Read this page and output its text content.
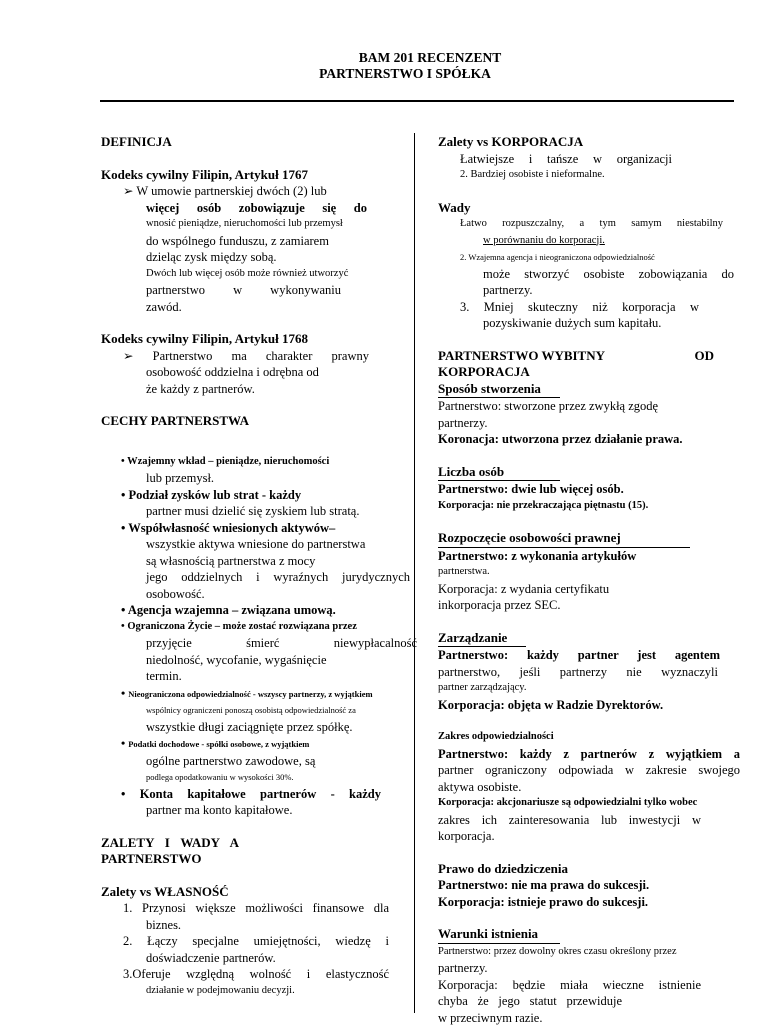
BAM 201 RECENZENT
PARTNERSTWO I SPÓŁKA
DEFINICJA
Kodeks cywilny Filipin, Artykuł 1767
➢ W umowie partnerskiej dwóch (2) lub
więcej osób zobowiązuje się do
wnosić pieniądze, nieruchomości lub przemysł
do wspólnego funduszu, z zamiarem
dzieląc zysk między sobą.
Dwóch lub więcej osób może również utworzyć
partnerstwo w wykonywaniu
zawód.
Kodeks cywilny Filipin, Artykuł 1768
➢ Partnerstwo ma charakter prawny
osobowość oddzielna i odrębna od
że każdy z partnerów.
CECHY PARTNERSTWA
• Wzajemny wkład – pieniądze, nieruchomości
lub przemysł.
• Podział zysków lub strat - każdy
partner musi dzielić się zyskiem lub stratą.
• Współwłasność wniesionych aktywów–
wszystkie aktywa wniesione do partnerstwa
są własnością partnerstwa z mocy
jego oddzielnych i wyraźnych jurydycznych
osobowość.
• Agencja wzajemna – związana umową.
• Ograniczona Życie – może zostać rozwiązana przez
przyjęcie śmierć niewypłacalność
niedolność, wycofanie, wygaśnięcie
termin.
• Nieograniczona odpowiedzialność - wszyscy partnerzy, z wyjątkiem
wspólnicy ograniczeni ponoszą osobistą odpowiedzialność za
wszystkie długi zaciągnięte przez spółkę.
• Podatki dochodowe - spółki osobowe, z wyjątkiem
ogólne partnerstwo zawodowe, są
podlega opodatkowaniu w wysokości 30%.
• Konta kapitałowe partnerów - każdy
partner ma konto kapitałowe.
ZALETY I WADY A
PARTNERSTWO
Zalety vs WŁASNOŚĆ
1. Przynosi większe możliwości finansowe dla
biznes.
2. Łączy specjalne umiejętności, wiedzę i
doświadczenie partnerów.
3.Oferuje względną wolność i elastyczność
działanie w podejmowaniu decyzji.
Zalety vs KORPORACJA
Łatwiejsze i tańsze w organizacji
2. Bardziej osobiste i nieformalne.
Wady
Łatwo rozpuszczalny, a tym samym niestabilny
w porównaniu do korporacji.
2. Wzajemna agencja i nieograniczona odpowiedzialność
może stworzyć osobiste zobowiązania do
partnerzy.
3. Mniej skuteczny niż korporacja w
pozyskiwanie dużych sum kapitału.
PARTNERSTWO WYBITNY	OD
KORPORACJA
Sposób stworzenia
Partnerstwo: stworzone przez zwykłą zgodę
partnerzy.
Koronacja: utworzona przez działanie prawa.
Liczba osób
Partnerstwo: dwie lub więcej osób.
Korporacja: nie przekraczająca piętnastu (15).
Rozpoczęcie osobowości prawnej
Partnerstwo: z wykonania artykułów
partnerstwa.
Korporacja: z wydania certyfikatu
inkorporacja przez SEC.
Zarządzanie
Partnerstwo: każdy partner jest agentem
partnerstwo, jeśli partnerzy nie wyznaczyli
partner zarządzający.
Korporacja: objęta w Radzie Dyrektorów.
Zakres odpowiedzialności
Partnerstwo: każdy z partnerów z wyjątkiem a
partner ograniczony odpowiada w zakresie swojego
aktywa osobiste.
Korporacja: akcjonariusze są odpowiedzialni tylko wobec
zakres ich zainteresowania lub inwestycji w
korporacja.
Prawo do dziedziczenia
Partnerstwo: nie ma prawa do sukcesji.
Korporacja: istnieje prawo do sukcesji.
Warunki istnienia
Partnerstwo: przez dowolny okres czasu określony przez
partnerzy.
Korporacja: będzie miała wieczne istnienie
chyba że jego statut przewiduje
w przeciwnym razie.
